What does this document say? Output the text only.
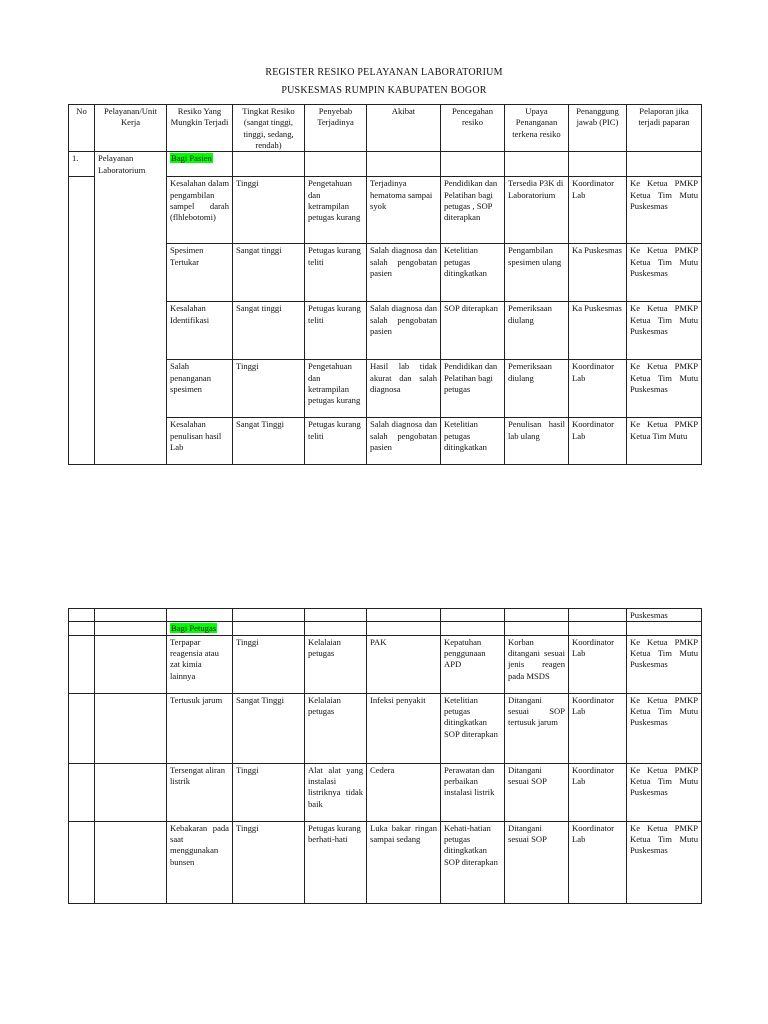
REGISTER RESIKO PELAYANAN LABORATORIUM
PUSKESMAS RUMPIN KABUPATEN BOGOR
No	Pelayanan/Unit Kerja	Resiko Yang Mungkin Terjadi	Tingkat Resiko (sangat tinggi, tinggi, sedang, rendah)	Penyebab Terjadinya	Akibat	Pencegahan resiko	Upaya Penanganan terkena resiko	Penanggung jawab (PIC)	Pelaporan jika terjadi paparan
1.	Pelayanan Laboratorium	Bagi Pasien							
		Kesalahan dalam pengambilan sampel darah (flhlebotomi)	Tinggi	Pengetahuan dan ketrampilan petugas kurang	Terjadinya hematoma sampai syok	Pendidikan dan Pelatihan bagi petugas , SOP diterapkan	Tersedia P3K di Laboratorium	Koordinator Lab	Ke Ketua PMKP Ketua Tim Mutu Puskesmas
		Spesimen Tertukar	Sangat tinggi	Petugas kurang teliti	Salah diagnosa dan salah pengobatan pasien	Ketelitian petugas ditingkatkan	Pengambilan spesimen ulang	Ka Puskesmas	Ke Ketua PMKP Ketua Tim Mutu Puskesmas
		Kesalahan Identifikasi	Sangat tinggi	Petugas kurang teliti	Salah diagnosa dan salah pengobatan pasien	SOP diterapkan	Pemeriksaan diulang	Ka Puskesmas	Ke Ketua PMKP Ketua Tim Mutu Puskesmas
		Salah penanganan spesimen	Tinggi	Pengetahuan dan ketrampilan petugas kurang	Hasil lab tidak akurat dan salah diagnosa	Pendidikan dan Pelatihan bagi petugas	Pemeriksaan diulang	Koordinator Lab	Ke Ketua PMKP Ketua Tim Mutu Puskesmas
		Kesalahan penulisan hasil Lab	Sangat Tinggi	Petugas kurang teliti	Salah diagnosa dan salah pengobatan pasien	Ketelitian petugas ditingkatkan	Penulisan hasil lab ulang	Koordinator Lab	Ke Ketua PMKP Ketua Tim Mutu
									Puskesmas
		Bagi Petugas							
		Terpapar reagensia atau zat kimia lainnya	Tinggi	Kelalaian petugas	PAK	Kepatuhan penggunaan APD	Korban ditangani sesuai jenis reagen pada MSDS	Koordinator Lab	Ke Ketua PMKP Ketua Tim Mutu Puskesmas
		Tertusuk jarum	Sangat Tinggi	Kelalaian petugas	Infeksi penyakit	Ketelitian petugas ditingkatkan SOP diterapkan	Ditangani sesuai SOP tertusuk jarum	Koordinator Lab	Ke Ketua PMKP Ketua Tim Mutu Puskesmas
		Tersengat aliran listrik	Tinggi	Alat alat yang instalasi listriknya tidak baik	Cedera	Perawatan dan perbaikan instalasi listrik	Ditangani sesuai SOP	Koordinator Lab	Ke Ketua PMKP Ketua Tim Mutu Puskesmas
		Kebakaran pada saat menggunakan bunsen	Tinggi	Petugas kurang berhati-hati	Luka bakar ringan sampai sedang	Kehati-hatian petugas ditingkatkan SOP diterapkan	Ditangani sesuai SOP	Koordinator Lab	Ke Ketua PMKP Ketua Tim Mutu Puskesmas
